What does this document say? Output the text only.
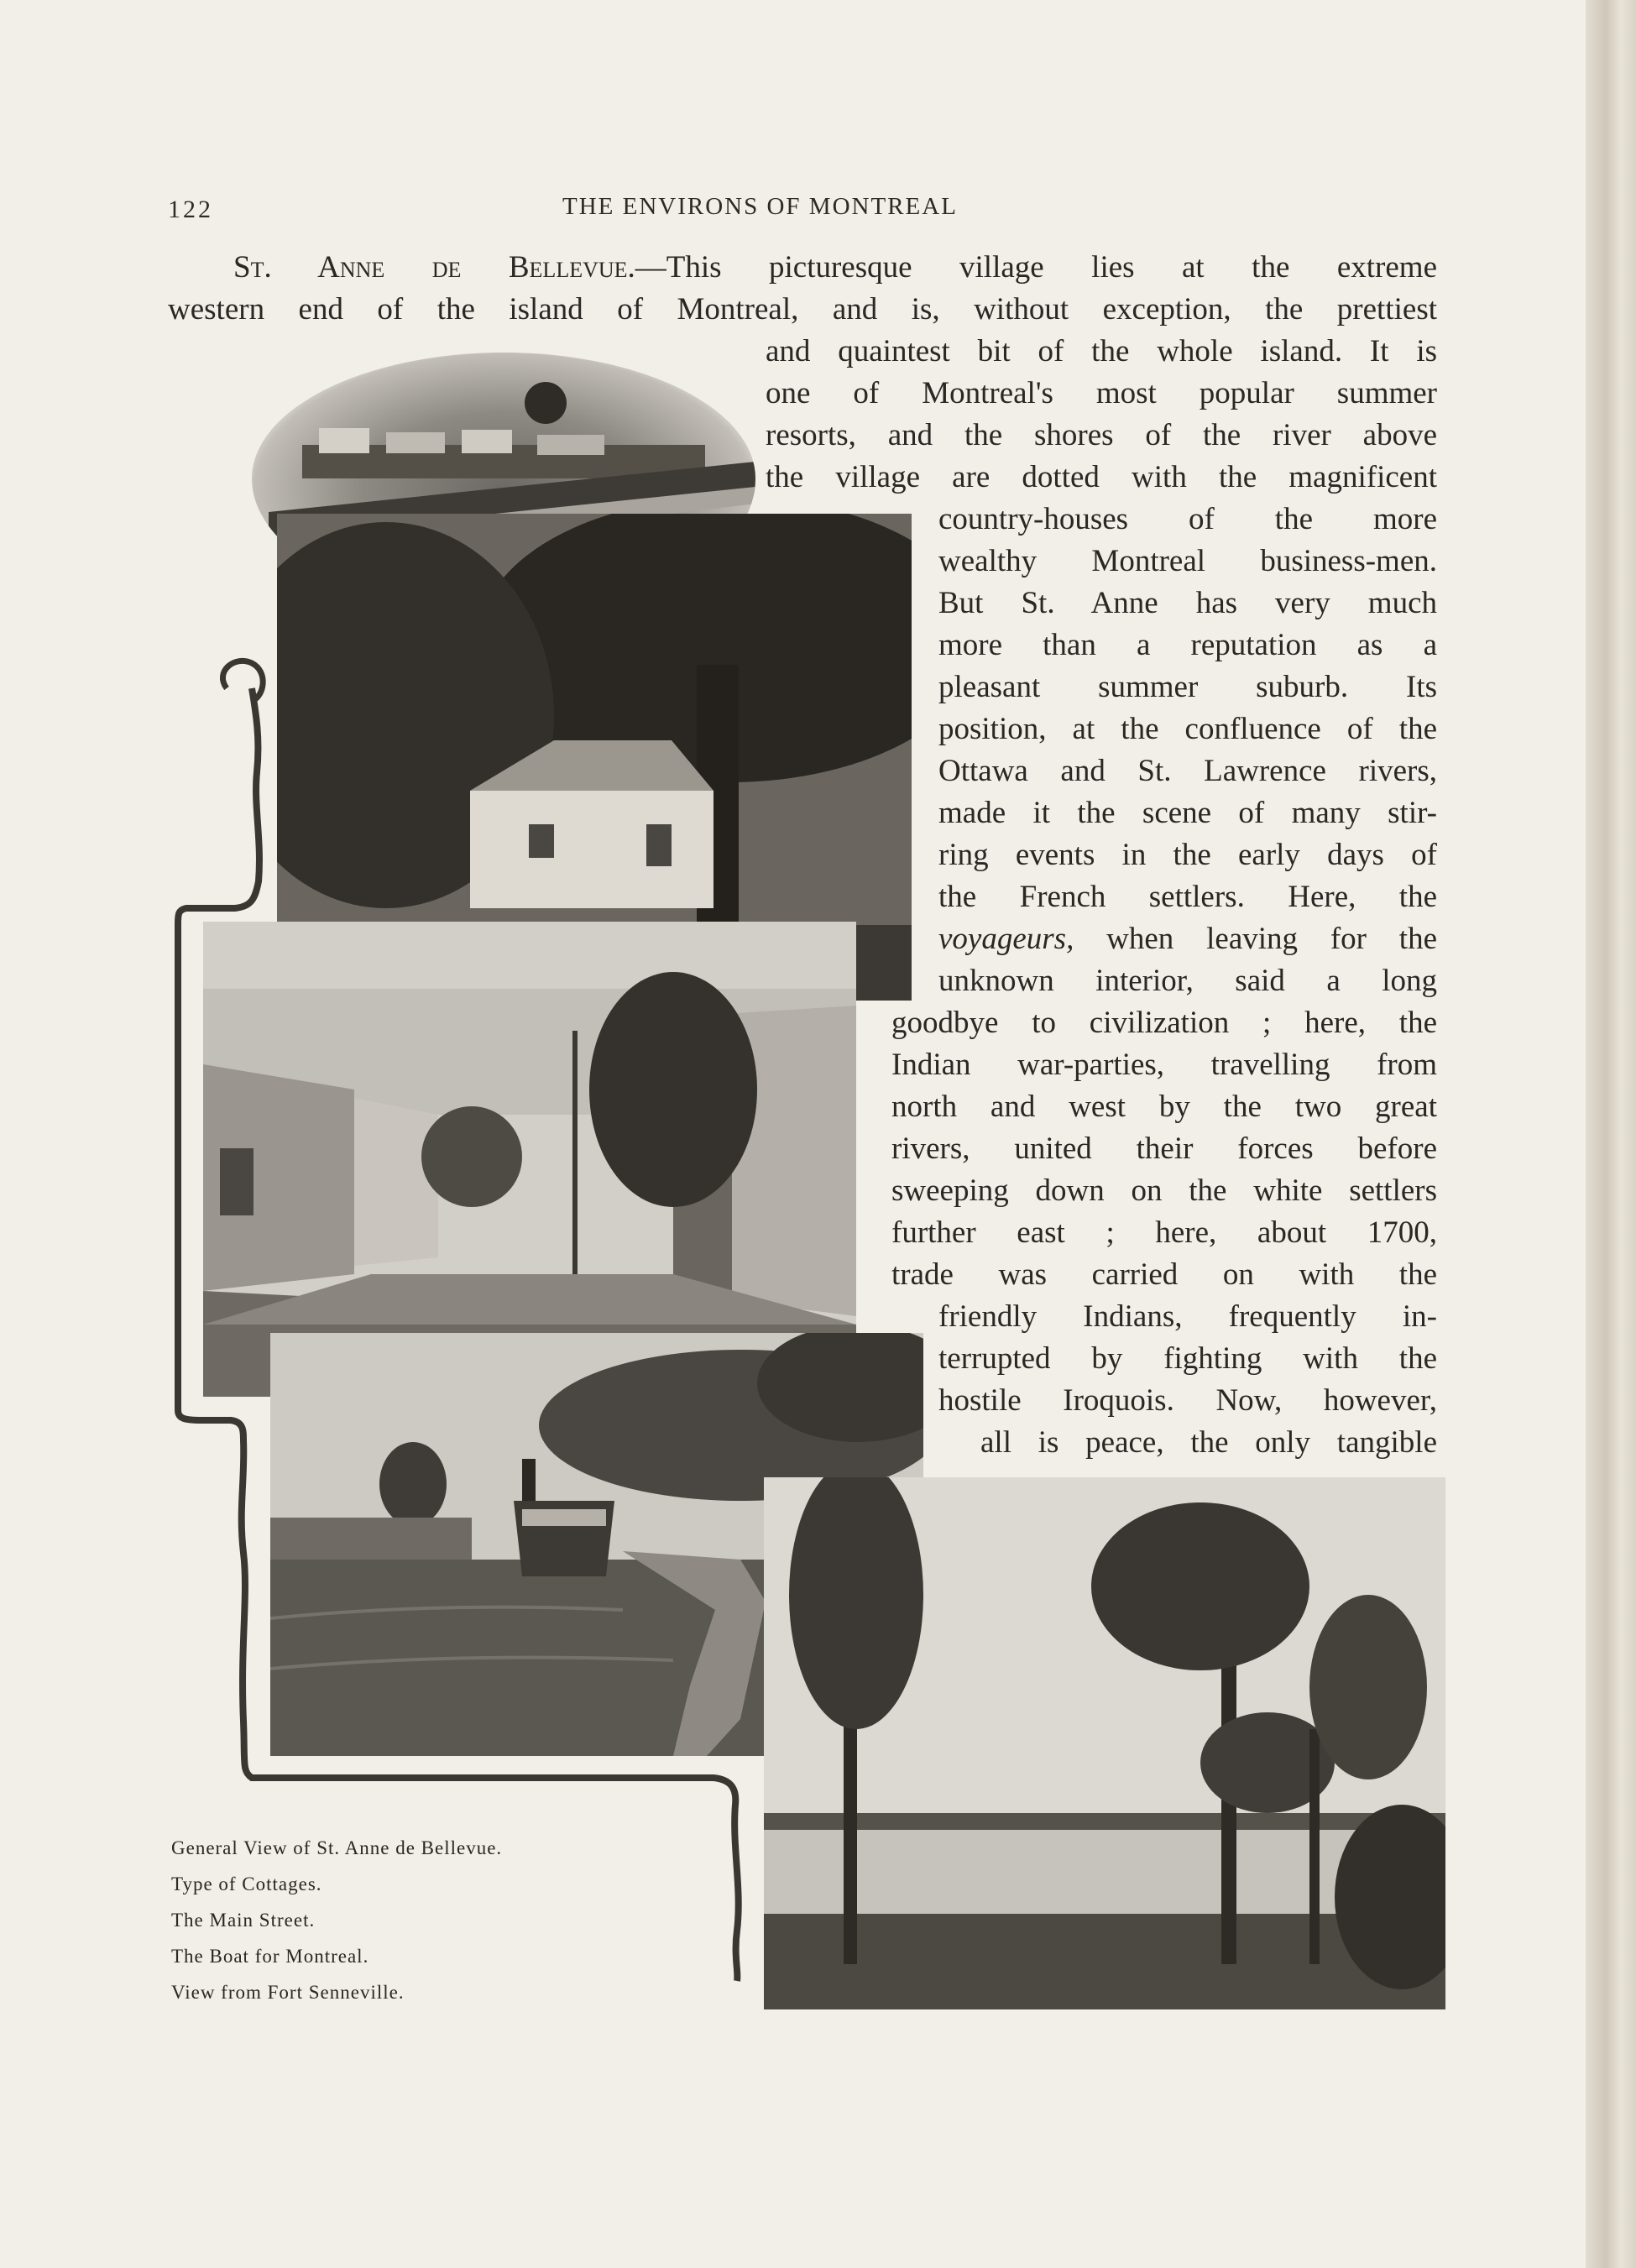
122	THE ENVIRONS OF MONTREAL
St. Anne de Bellevue.—This picturesque village lies at the extreme
western end of the island of Montreal, and is, without exception, the prettiest
and quaintest bit of the whole island. It is
one of Montreal's most popular summer
resorts, and the shores of the river above
the village are dotted with the magnificent
country-houses of the more
wealthy Montreal business-men.
But St. Anne has very much
more than a reputation as a
pleasant summer suburb. Its
position, at the confluence of the
Ottawa and St. Lawrence rivers,
made it the scene of many stir-
ring events in the early days of
the French settlers. Here, the
voyageurs, when leaving for the
unknown interior, said a long
goodbye to civilization ; here, the
Indian war-parties, travelling from
north and west by the two great
rivers, united their forces before
sweeping down on the white settlers
further east ; here, about 1700,
trade was carried on with the
friendly Indians, frequently in-
terrupted by fighting with the
hostile Iroquois. Now, however,
all is peace, the only tangible
General View of St. Anne de Bellevue.
Type of Cottages.
The Main Street.
The Boat for Montreal.
View from Fort Senneville.
